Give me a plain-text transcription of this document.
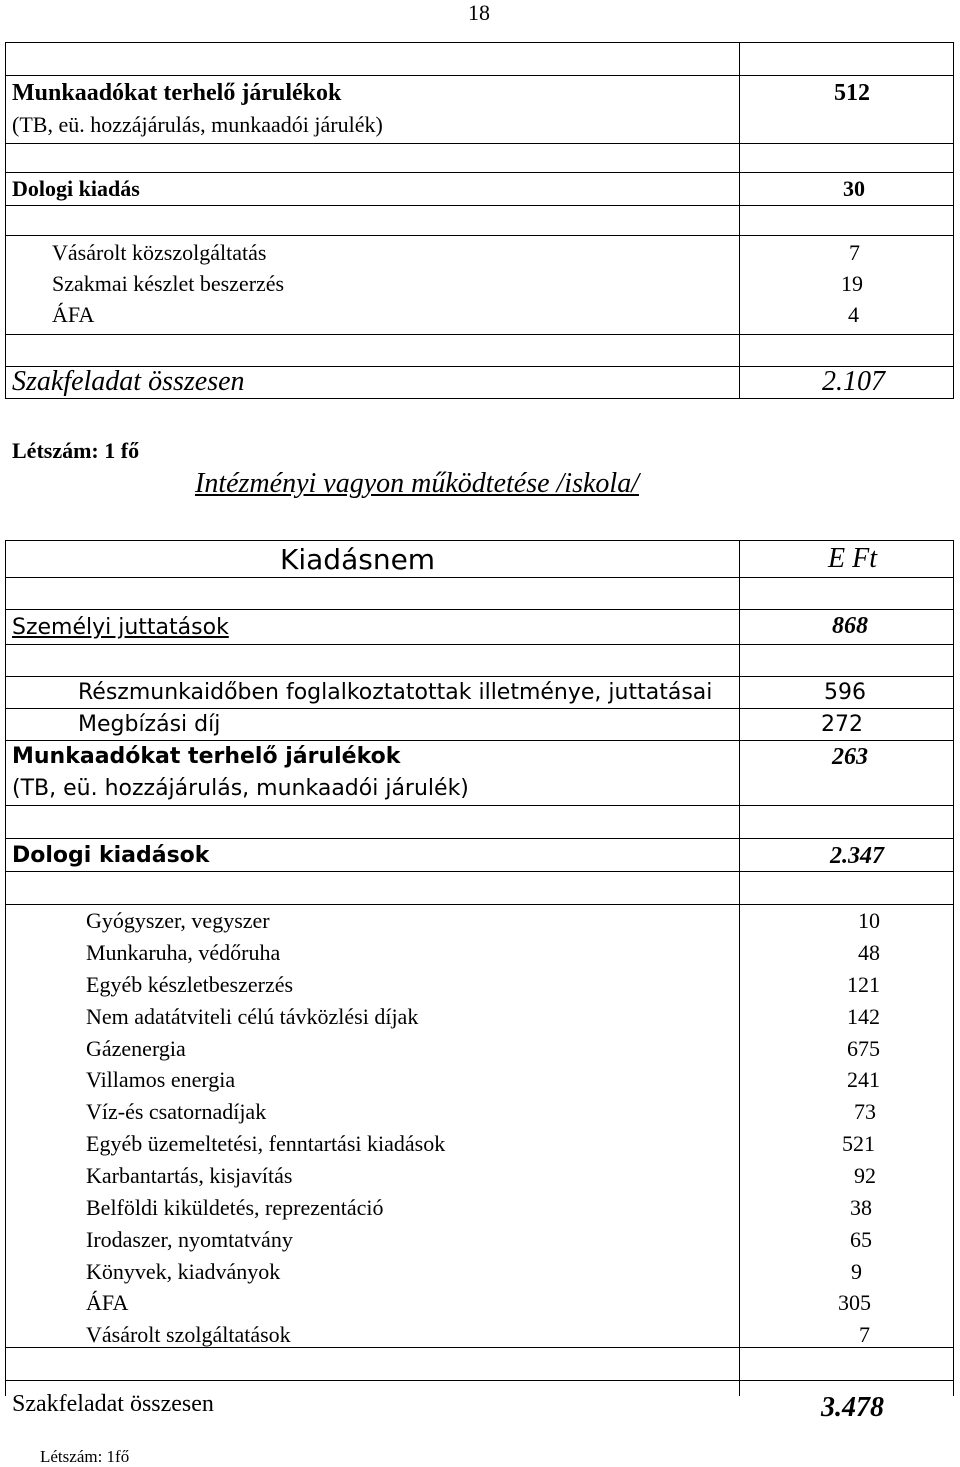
18
Munkaadókat terhelő járulékok	512
(TB, eü. hozzájárulás, munkaadói járulék)
Dologi kiadás	30
Vásárolt közszolgáltatás	7
Szakmai készlet beszerzés	19
ÁFA	4
Szakfeladat összesen	2.107
Létszám: 1 fő
Intézményi vagyon működtetése /iskola/
Kiadásnem	E Ft
Személyi juttatások	868
Részmunkaidőben foglalkoztatottak illetménye, juttatásai	596
Megbízási díj	272
Munkaadókat terhelő járulékok	263
(TB, eü. hozzájárulás, munkaadói járulék)
Dologi kiadások	2.347
Gyógyszer, vegyszer	10
Munkaruha, védőruha	48
Egyéb készletbeszerzés	121
Nem adatátviteli célú távközlési díjak	142
Gázenergia	675
Villamos energia	241
Víz-és csatornadíjak	73
Egyéb üzemeltetési, fenntartási kiadások	521
Karbantartás, kisjavítás	92
Belföldi kiküldetés, reprezentáció	38
Irodaszer, nyomtatvány	65
Könyvek, kiadványok	9
ÁFA	305
Vásárolt szolgáltatások	7
Szakfeladat összesen	3.478
Létszám: 1fő
